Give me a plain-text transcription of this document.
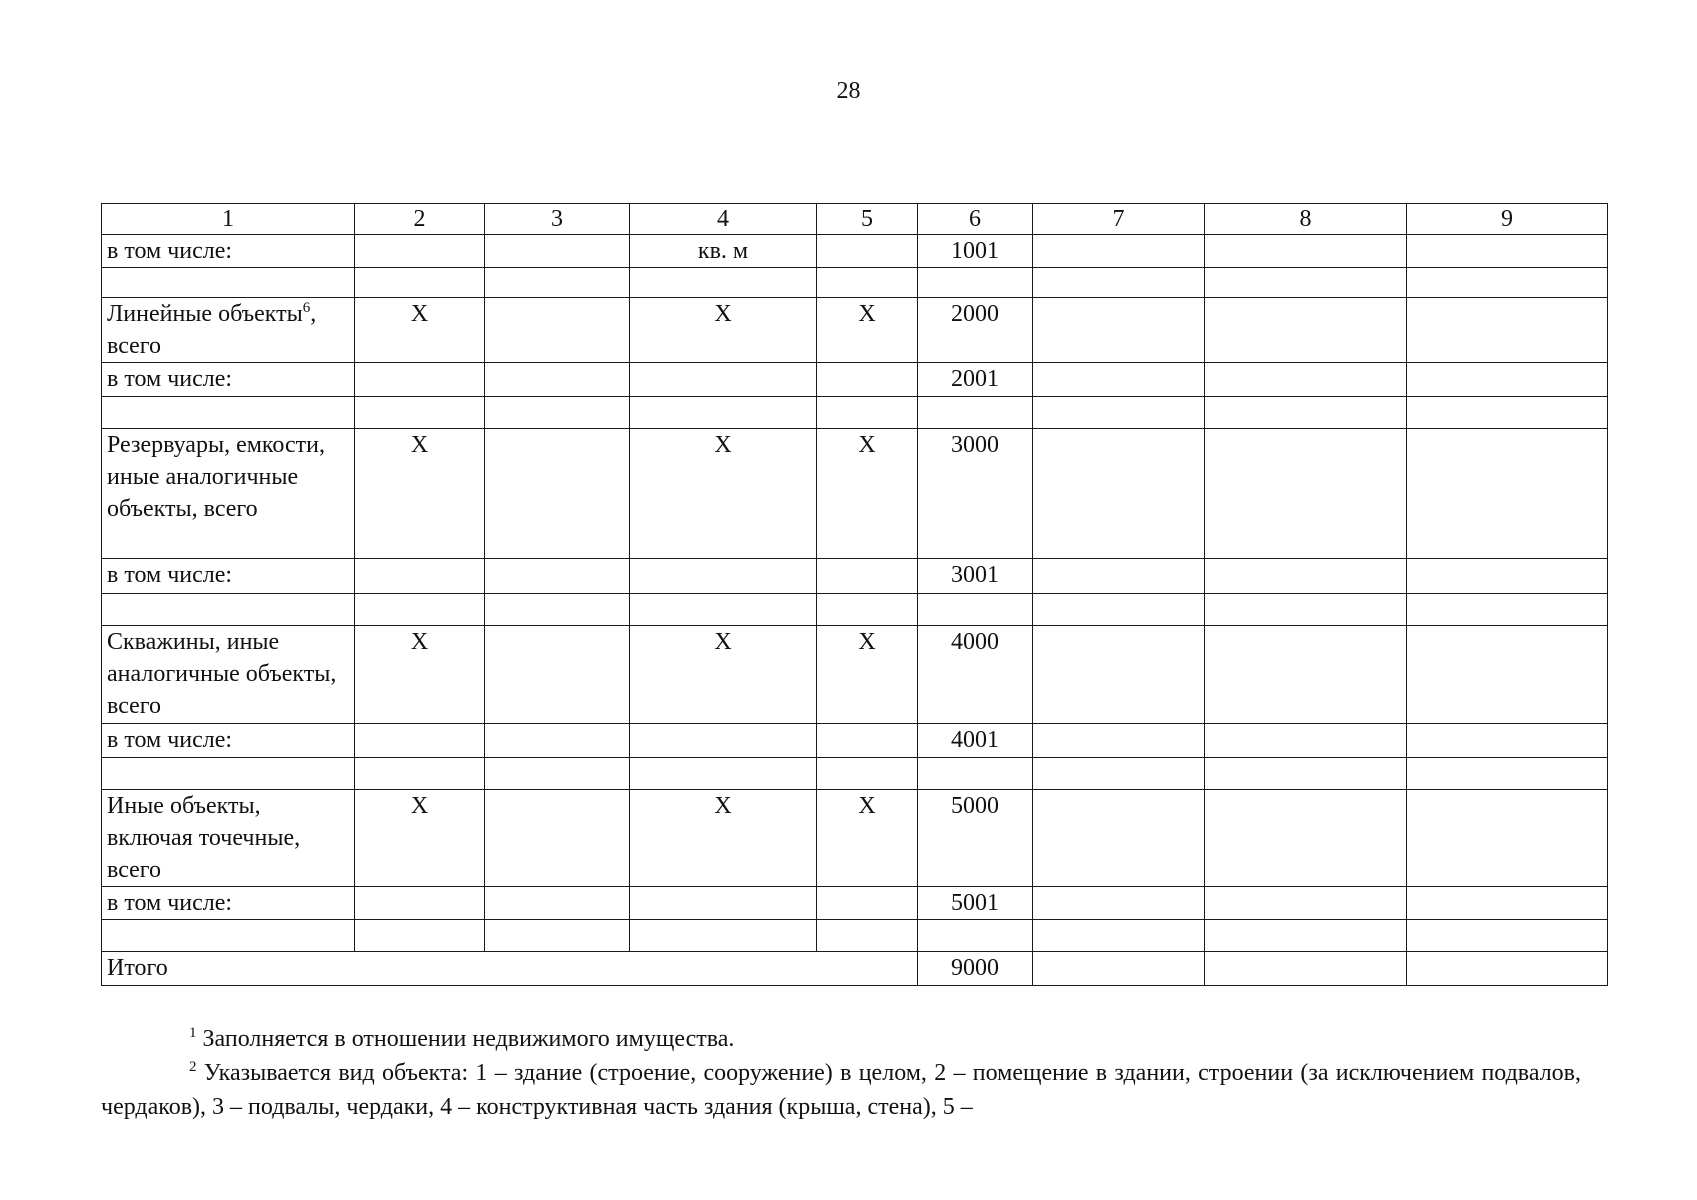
28
1	2	3	4	5	6	7	8	9
в том числе:			кв. м		1001			

Линейные объекты$^6$, всего	Х		Х	Х	2000			
в том числе:					2001			

Резервуары, емкости, иные аналогичные объекты, всего	Х		Х	Х	3000			
в том числе:					3001			

Скважины, иные аналогичные объекты, всего	Х		Х	Х	4000			
в том числе:					4001			

Иные объекты, включая точечные, всего	Х		Х	Х	5000			
в том числе:					5001			

Итого					9000			

$^1$ Заполняется в отношении недвижимого имущества.

$^2$ Указывается вид объекта: 1 – здание (строение, сооружение) в целом, 2 – помещение в здании, строении (за исключением подвалов, чердаков), 3 – подвалы, чердаки, 4 – конструктивная часть здания (крыша, стена), 5 –
